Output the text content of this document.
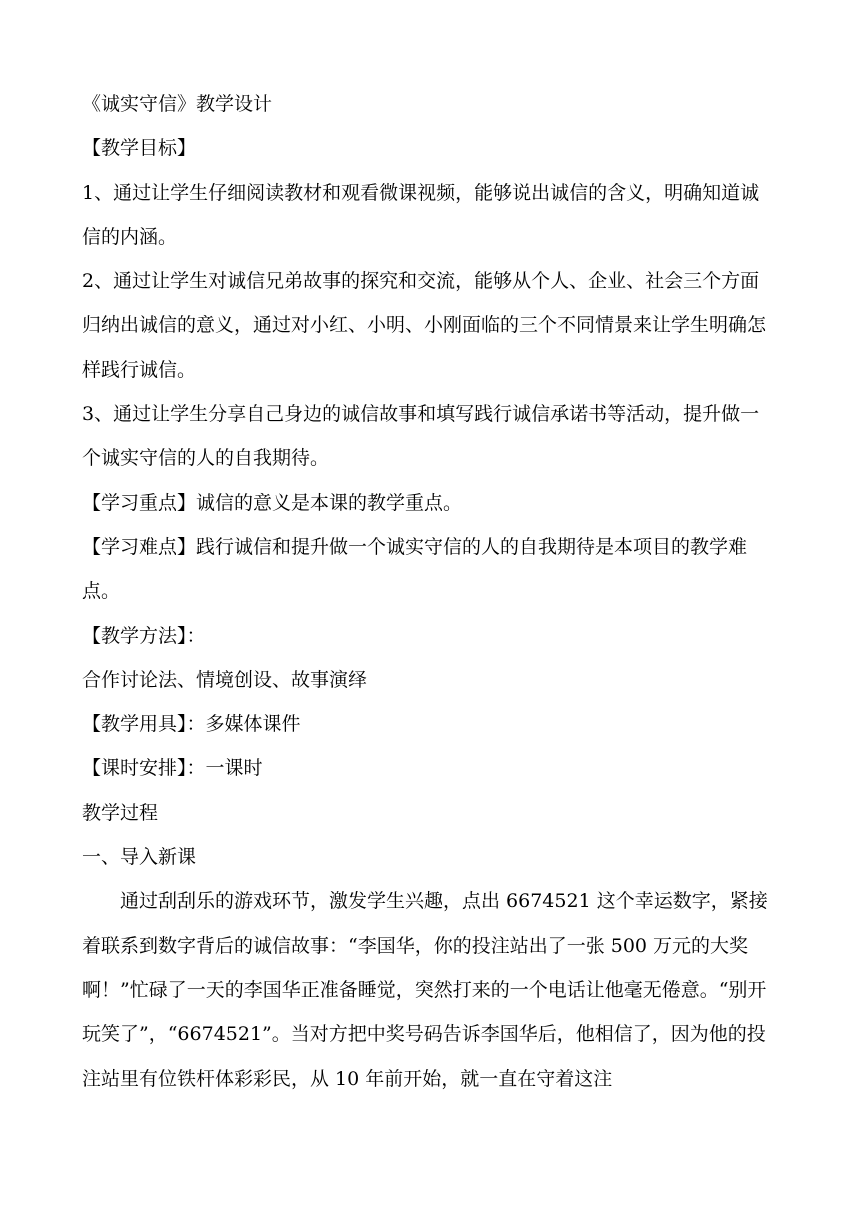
《诚实守信》教学设计

【教学目标】

1、通过让学生仔细阅读教材和观看微课视频，能够说出诚信的含义，明确知道诚信的内涵。

2、通过让学生对诚信兄弟故事的探究和交流，能够从个人、企业、社会三个方面归纳出诚信的意义，通过对小红、小明、小刚面临的三个不同情景来让学生明确怎样践行诚信。

3、通过让学生分享自己身边的诚信故事和填写践行诚信承诺书等活动，提升做一个诚实守信的人的自我期待。

【学习重点】诚信的意义是本课的教学重点。

【学习难点】践行诚信和提升做一个诚实守信的人的自我期待是本项目的教学难点。

【教学方法】：

合作讨论法、情境创设、故事演绎

【教学用具】：多媒体课件

【课时安排】：一课时

教学过程

一、导入新课

通过刮刮乐的游戏环节，激发学生兴趣，点出 6674521 这个幸运数字，紧接着联系到数字背后的诚信故事：“李国华，你的投注站出了一张 500 万元的大奖啊！”忙碌了一天的李国华正准备睡觉，突然打来的一个电话让他毫无倦意。“别开玩笑了”，“6674521”。当对方把中奖号码告诉李国华后，他相信了，因为他的投注站里有位铁杆体彩彩民，从 10 年前开始，就一直在守着这注
